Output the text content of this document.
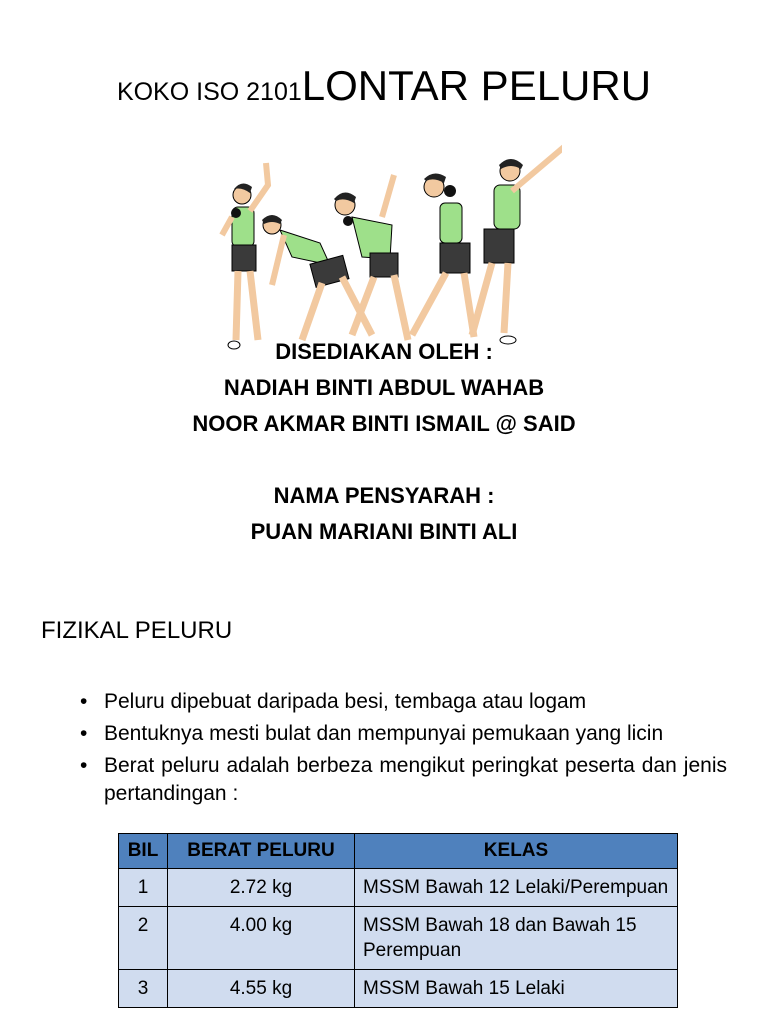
KOKO ISO 2101LONTAR PELURU
DISEDIAKAN OLEH :
NADIAH BINTI ABDUL WAHAB
NOOR AKMAR BINTI ISMAIL @ SAID
NAMA PENSYARAH :
PUAN MARIANI BINTI ALI
FIZIKAL PELURU
• Peluru dipebuat daripada besi, tembaga atau logam
• Bentuknya mesti bulat dan mempunyai pemukaan yang licin
• Berat peluru adalah berbeza mengikut peringkat peserta dan jenis pertandingan :
BIL	BERAT PELURU	KELAS
1	2.72 kg	MSSM Bawah 12 Lelaki/Perempuan
2	4.00 kg	MSSM Bawah 18 dan Bawah 15 Perempuan
3	4.55 kg	MSSM Bawah 15 Lelaki
